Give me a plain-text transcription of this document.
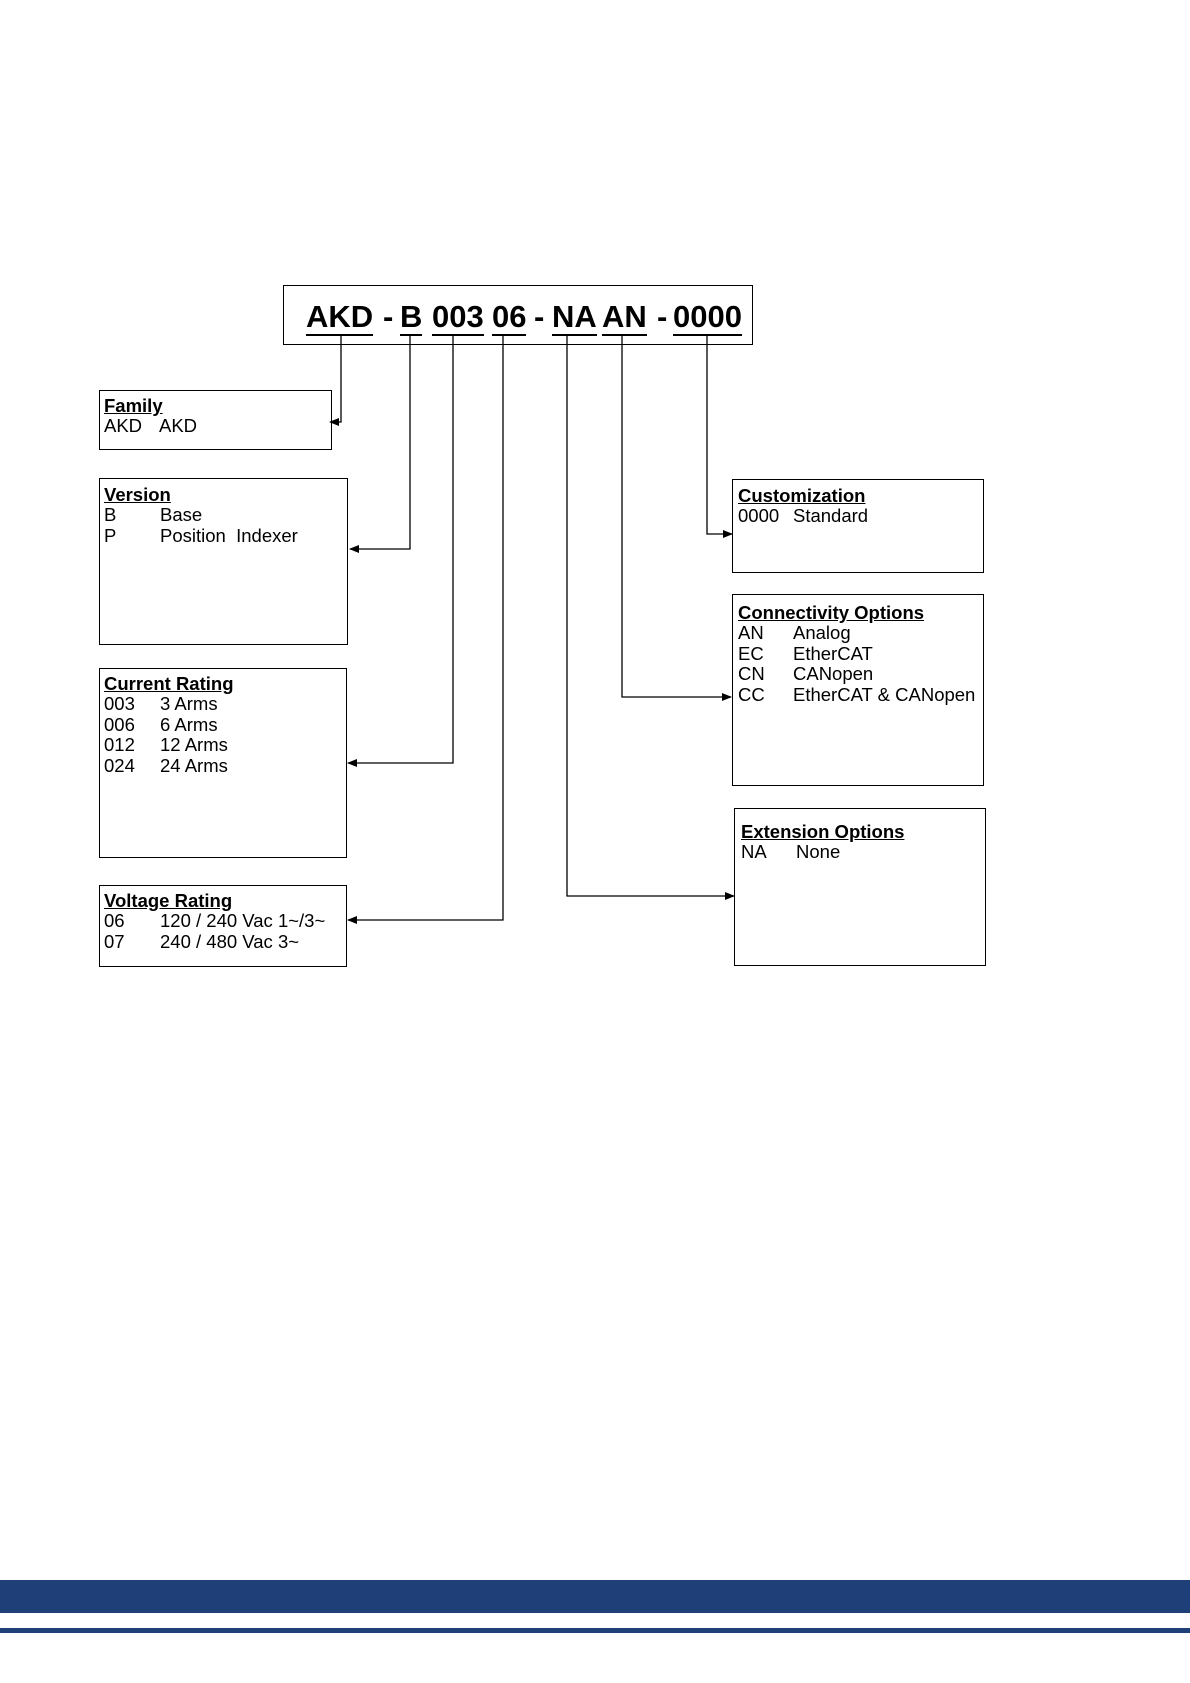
AKD - B 003 06 - NA AN - 0000
Family
AKD AKD
Version
B	Base
P	Position  Indexer
Current Rating
003	3 Arms
006	6 Arms
012	12 Arms
024	24 Arms
Voltage Rating
06	120 / 240 Vac 1~/3~
07	240 / 480 Vac 3~
Customization
0000 Standard
Connectivity Options
AN	Analog
EC	EtherCAT
CN	CANopen
CC	EtherCAT & CANopen
Extension Options
NA	None
